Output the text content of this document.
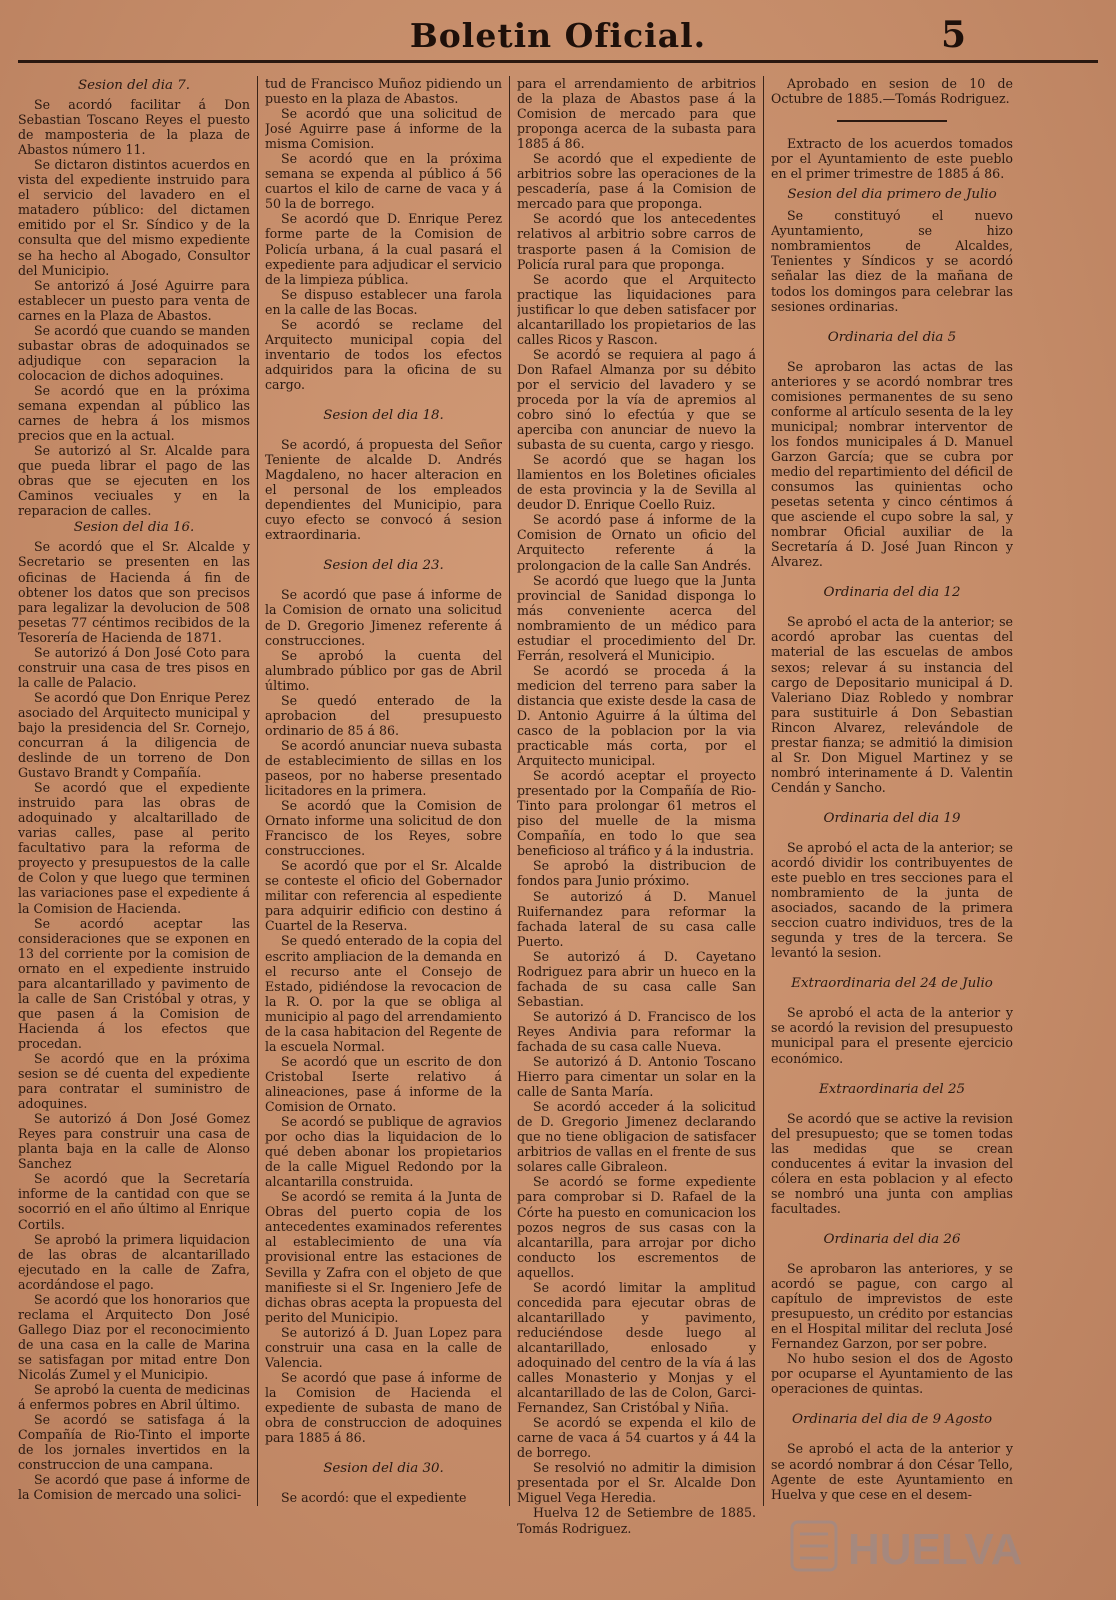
Boletin Oficial.	5
Sesion del dia 7.

Se acordó facilitar á Don Sebastian Toscano Reyes el puesto de mamposteria de la plaza de Abastos número 11.

Se dictaron distintos acuerdos en vista del expediente instruido para el servicio del lavadero en el matadero público: del dictamen emitido por el Sr. Síndico y de la consulta que del mismo expediente se ha hecho al Abogado, Consultor del Municipio.

Se antorizó á José Aguirre para establecer un puesto para venta de carnes en la Plaza de Abastos.

Se acordó que cuando se manden subastar obras de adoquinados se adjudique con separacion la colocacion de dichos adoquines.

Se acordó que en la próxima semana expendan al público las carnes de hebra á los mismos precios que en la actual.

Se autorizó al Sr. Alcalde para que pueda librar el pago de las obras que se ejecuten en los Caminos veciuales y en la reparacion de calles.

Sesion del dia 16.

Se acordó que el Sr. Alcalde y Secretario se presenten en las oficinas de Hacienda á fin de obtener los datos que son precisos para legalizar la devolucion de 508 pesetas 77 céntimos recibidos de la Tesorería de Hacienda de 1871.

Se autorizó á Don José Coto para construir una casa de tres pisos en la calle de Palacio.

Se acordó que Don Enrique Perez asociado del Arquitecto municipal y bajo la presidencia del Sr. Cornejo, concurran á la diligencia de deslinde de un torreno de Don Gustavo Brandt y Compañía.

Se acordó que el expediente instruido para las obras de adoquinado y alcaltarillado de varias calles, pase al perito facultativo para la reforma de proyecto y presupuestos de la calle de Colon y que luego que terminen las variaciones pase el expediente á la Comision de Hacienda.

Se acordó aceptar las consideraciones que se exponen en 13 del corriente por la comision de ornato en el expediente instruido para alcantarillado y pavimento de la calle de San Cristóbal y otras, y que pasen á la Comision de Hacienda á los efectos que procedan.

Se acordó que en la próxima sesion se dé cuenta del expediente para contratar el suministro de adoquines.

Se autorizó á Don José Gomez Reyes para construir una casa de planta baja en la calle de Alonso Sanchez

Se acordó que la Secretaría informe de la cantidad con que se socorrió en el año último al Enrique Cortils.

Se aprobó la primera liquidacion de las obras de alcantarillado ejecutado en la calle de Zafra, acordándose el pago.

Se acordó que los honorarios que reclama el Arquitecto Don José Gallego Diaz por el reconocimiento de una casa en la calle de Marina se satisfagan por mitad entre Don Nicolás Zumel y el Municipio.

Se aprobó la cuenta de medicinas á enfermos pobres en Abril último.

Se acordó se satisfaga á la Compañía de Rio-Tinto el importe de los jornales invertidos en la construccion de una campana.

Se acordó que pase á informe de la Comision de mercado una solici-

tud de Francisco Muñoz pidiendo un puesto en la plaza de Abastos.

Se acordó que una solicitud de José Aguirre pase á informe de la misma Comision.

Se acordó que en la próxima semana se expenda al público á 56 cuartos el kilo de carne de vaca y á 50 la de borrego.

Se acordó que D. Enrique Perez forme parte de la Comision de Policía urbana, á la cual pasará el expediente para adjudicar el servicio de la limpieza pública.

Se dispuso establecer una farola en la calle de las Bocas.

Se acordó se reclame del Arquitecto municipal copia del inventario de todos los efectos adquiridos para la oficina de su cargo.

Sesion del dia 18.

Se acordó, á propuesta del Señor Teniente de alcalde D. Andrés Magdaleno, no hacer alteracion en el personal de los empleados dependientes del Municipio, para cuyo efecto se convocó á sesion extraordinaria.

Sesion del dia 23.

Se acordó que pase á informe de la Comision de ornato una solicitud de D. Gregorio Jimenez referente á construcciones.

Se aprobó la cuenta del alumbrado público por gas de Abril último.

Se quedó enterado de la aprobacion del presupuesto ordinario de 85 á 86.

Se acordó anunciar nueva subasta de establecimiento de sillas en los paseos, por no haberse presentado licitadores en la primera.

Se acordó que la Comision de Ornato informe una solicitud de don Francisco de los Reyes, sobre construcciones.

Se acordó que por el Sr. Alcalde se conteste el oficio del Gobernador militar con referencia al espediente para adquirir edificio con destino á Cuartel de la Reserva.

Se quedó enterado de la copia del escrito ampliacion de la demanda en el recurso ante el Consejo de Estado, pidiéndose la revocacion de la R. O. por la que se obliga al municipio al pago del arrendamiento de la casa habitacion del Regente de la escuela Normal.

Se acordó que un escrito de don Cristobal Iserte relativo á alineaciones, pase á informe de la Comision de Ornato.

Se acordó se publique de agravios por ocho dias la liquidacion de lo qué deben abonar los propietarios de la calle Miguel Redondo por la alcantarilla construida.

Se acordó se remita á la Junta de Obras del puerto copia de los antecedentes examinados referentes al establecimiento de una vía provisional entre las estaciones de Sevilla y Zafra con el objeto de que manifieste si el Sr. Ingeniero Jefe de dichas obras acepta la propuesta del perito del Municipio.

Se autorizó á D. Juan Lopez para construir una casa en la calle de Valencia.

Se acordó que pase á informe de la Comision de Hacienda el expediente de subasta de mano de obra de construccion de adoquines para 1885 á 86.

Sesion del dia 30.

Se acordó: que el expediente

para el arrendamiento de arbitrios de la plaza de Abastos pase á la Comision de mercado para que proponga acerca de la subasta para 1885 á 86.

Se acordó que el expediente de arbitrios sobre las operaciones de la pescadería, pase á la Comision de mercado para que proponga.

Se acordó que los antecedentes relativos al arbitrio sobre carros de trasporte pasen á la Comision de Policía rural para que proponga.

Se acordo que el Arquitecto practique las liquidaciones para justificar lo que deben satisfacer por alcantarillado los propietarios de las calles Ricos y Rascon.

Se acordó se requiera al pago á Don Rafael Almanza por su débito por el servicio del lavadero y se proceda por la vía de apremios al cobro sinó lo efectúa y que se aperciba con anunciar de nuevo la subasta de su cuenta, cargo y riesgo.

Se acordó que se hagan los llamientos en los Boletines oficiales de esta provincia y la de Sevilla al deudor D. Enrique Coello Ruiz.

Se acordó pase á informe de la Comision de Ornato un oficio del Arquitecto referente á la prolongacion de la calle San Andrés.

Se acordó que luego que la Junta provincial de Sanidad disponga lo más conveniente acerca del nombramiento de un médico para estudiar el procedimiento del Dr. Ferrán, resolverá el Municipio.

Se acordó se proceda á la medicion del terreno para saber la distancia que existe desde la casa de D. Antonio Aguirre á la última del casco de la poblacion por la via practicable más corta, por el Arquitecto municipal.

Se acordó aceptar el proyecto presentado por la Compañía de Rio-Tinto para prolongar 61 metros el piso del muelle de la misma Compañía, en todo lo que sea beneficioso al tráfico y á la industria.

Se aprobó la distribucion de fondos para Junio próximo.

Se autorizó á D. Manuel Ruifernandez para reformar la fachada lateral de su casa calle Puerto.

Se autorizó á D. Cayetano Rodriguez para abrir un hueco en la fachada de su casa calle San Sebastian.

Se autorizó á D. Francisco de los Reyes Andivia para reformar la fachada de su casa calle Nueva.

Se autorizó á D. Antonio Toscano Hierro para cimentar un solar en la calle de Santa María.

Se acordó acceder á la solicitud de D. Gregorio Jimenez declarando que no tiene obligacion de satisfacer arbitrios de vallas en el frente de sus solares calle Gibraleon.

Se acordó se forme expediente para comprobar si D. Rafael de la Córte ha puesto en comunicacion los pozos negros de sus casas con la alcantarilla, para arrojar por dicho conducto los escrementos de aquellos.

Se acordó limitar la amplitud concedida para ejecutar obras de alcantarillado y pavimento, reduciéndose desde luego al alcantarillado, enlosado y adoquinado del centro de la vía á las calles Monasterio y Monjas y el alcantarillado de las de Colon, Garci-Fernandez, San Cristóbal y Niña.

Se acordó se expenda el kilo de carne de vaca á 54 cuartos y á 44 la de borrego.

Se resolvió no admitir la dimision presentada por el Sr. Alcalde Don Miguel Vega Heredia.

Huelva 12 de Setiembre de 1885. Tomás Rodriguez.

Aprobado en sesion de 10 de Octubre de 1885.—Tomás Rodriguez.

Extracto de los acuerdos tomados por el Ayuntamiento de este pueblo en el primer trimestre de 1885 á 86.

Sesion del dia primero de Julio

Se constituyó el nuevo Ayuntamiento, se hizo nombramientos de Alcaldes, Tenientes y Síndicos y se acordó señalar las diez de la mañana de todos los domingos para celebrar las sesiones ordinarias.

Ordinaria del dia 5

Se aprobaron las actas de las anteriores y se acordó nombrar tres comisiones permanentes de su seno conforme al artículo sesenta de la ley municipal; nombrar interventor de los fondos municipales á D. Manuel Garzon García; que se cubra por medio del repartimiento del déficil de consumos las quinientas ocho pesetas setenta y cinco céntimos á que asciende el cupo sobre la sal, y nombrar Oficial auxiliar de la Secretaría á D. José Juan Rincon y Alvarez.

Ordinaria del dia 12

Se aprobó el acta de la anterior; se acordó aprobar las cuentas del material de las escuelas de ambos sexos; relevar á su instancia del cargo de Depositario municipal á D. Valeriano Diaz Robledo y nombrar para sustituirle á Don Sebastian Rincon Alvarez, relevándole de prestar fianza; se admitió la dimision al Sr. Don Miguel Martinez y se nombró interinamente á D. Valentin Cendán y Sancho.

Ordinaria del dia 19

Se aprobó el acta de la anterior; se acordó dividir los contribuyentes de este pueblo en tres secciones para el nombramiento de la junta de asociados, sacando de la primera seccion cuatro individuos, tres de la segunda y tres de la tercera. Se levantó la sesion.

Extraordinaria del 24 de Julio

Se aprobó el acta de la anterior y se acordó la revision del presupuesto municipal para el presente ejercicio económico.

Extraordinaria del 25

Se acordó que se active la revision del presupuesto; que se tomen todas las medidas que se crean conducentes á evitar la invasion del cólera en esta poblacion y al efecto se nombró una junta con amplias facultades.

Ordinaria del dia 26

Se aprobaron las anteriores, y se acordó se pague, con cargo al capítulo de imprevistos de este presupuesto, un crédito por estancias en el Hospital militar del recluta José Fernandez Garzon, por ser pobre.

No hubo sesion el dos de Agosto por ocuparse el Ayuntamiento de las operaciones de quintas.

Ordinaria del dia de 9 Agosto

Se aprobó el acta de la anterior y se acordó nombrar á don César Tello, Agente de este Ayuntamiento en Huelva y que cese en el desem-

HUELVA
